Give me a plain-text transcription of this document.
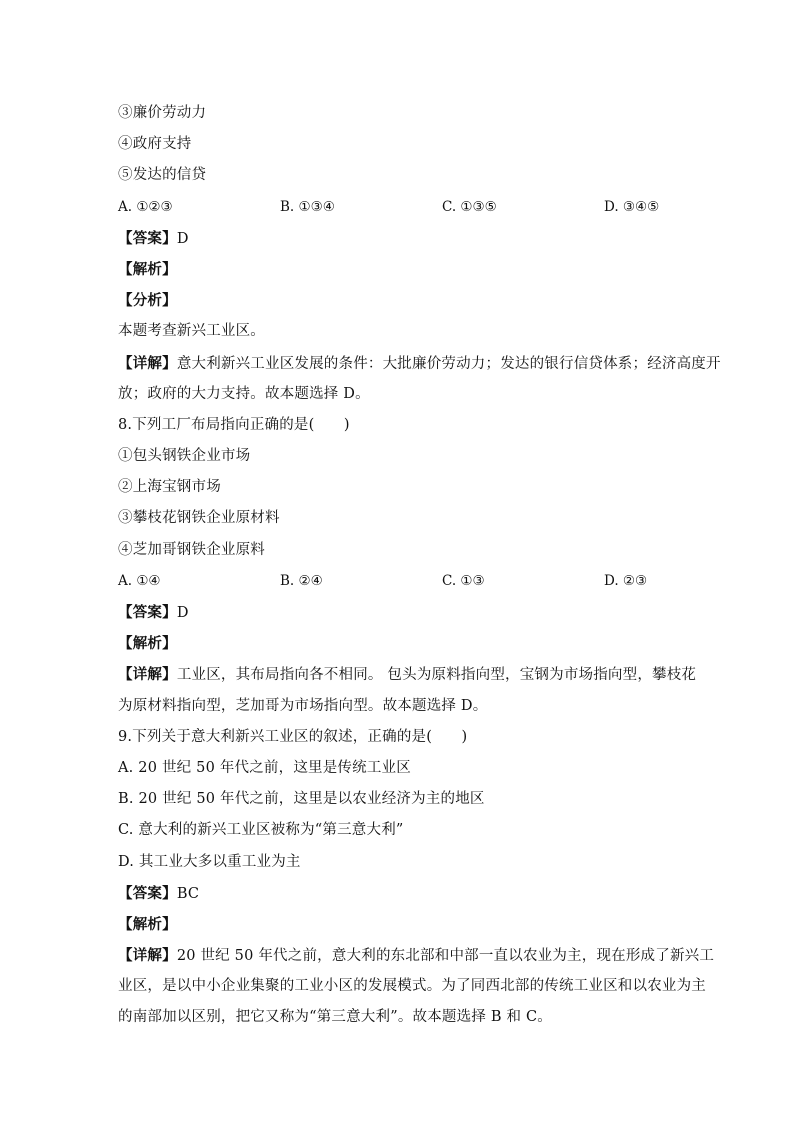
③廉价劳动力
④政府支持
⑤发达的信贷
A. ①②③	B. ①③④	C. ①③⑤	D. ③④⑤
【答案】D
【解析】
【分析】
本题考查新兴工业区。
【详解】意大利新兴工业区发展的条件：大批廉价劳动力；发达的银行信贷体系；经济高度开
放；政府的大力支持。故本题选择 D。
8.下列工厂布局指向正确的是(　　)
①包头钢铁企业市场
②上海宝钢市场
③攀枝花钢铁企业原材料
④芝加哥钢铁企业原料
A. ①④	B. ②④	C. ①③	D. ②③
【答案】D
【解析】
【详解】工业区，其布局指向各不相同。 包头为原料指向型，宝钢为市场指向型，攀枝花
为原材料指向型，芝加哥为市场指向型。故本题选择 D。
9.下列关于意大利新兴工业区的叙述，正确的是(　　)
A. 20 世纪 50 年代之前，这里是传统工业区
B. 20 世纪 50 年代之前，这里是以农业经济为主的地区
C. 意大利的新兴工业区被称为“第三意大利”
D. 其工业大多以重工业为主
【答案】BC
【解析】
【详解】20 世纪 50 年代之前，意大利的东北部和中部一直以农业为主，现在形成了新兴工
业区，是以中小企业集聚的工业小区的发展模式。为了同西北部的传统工业区和以农业为主
的南部加以区别，把它又称为“第三意大利”。故本题选择 B 和 C。
